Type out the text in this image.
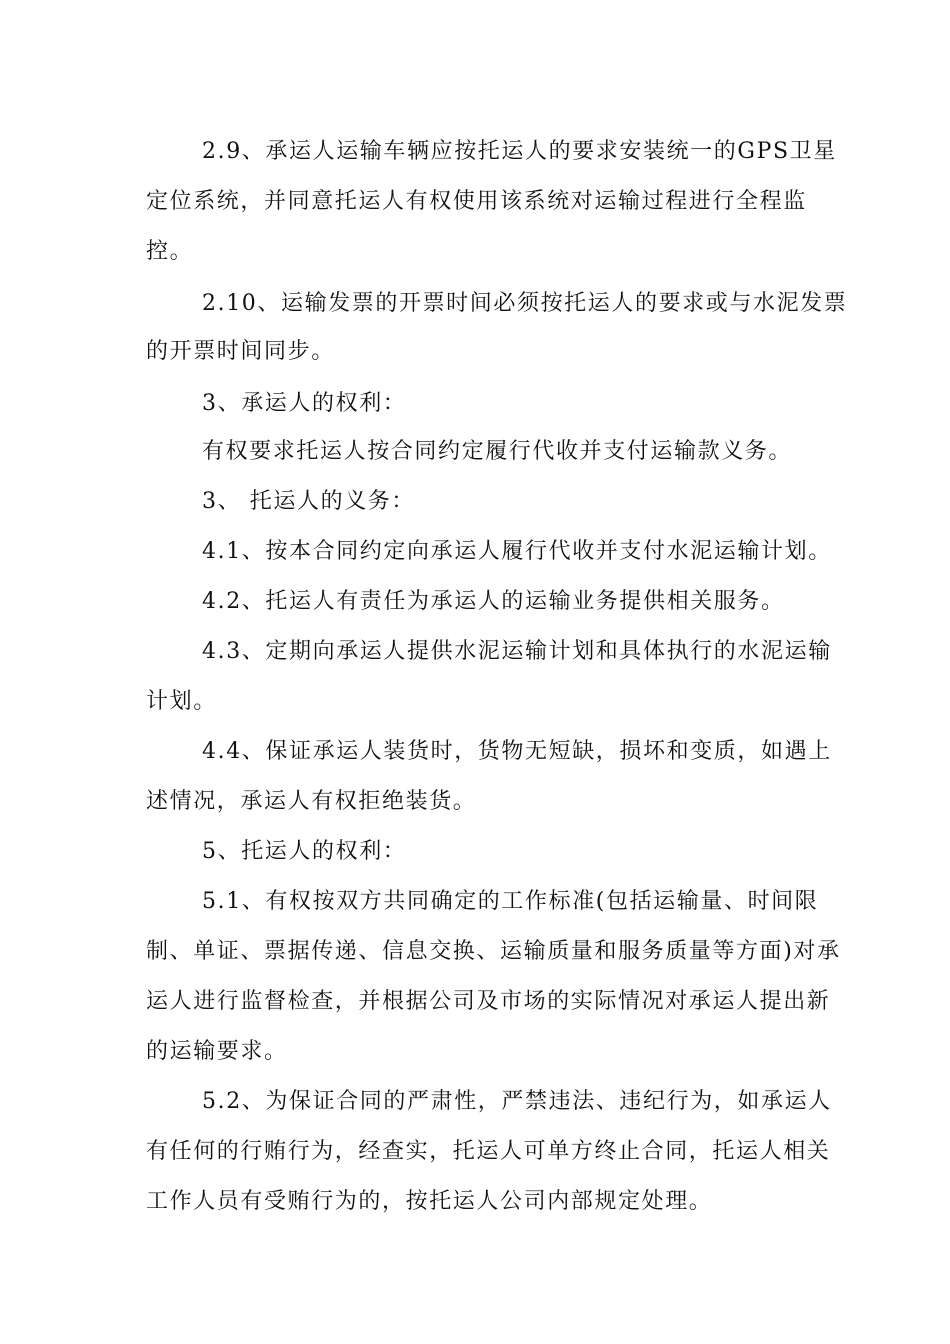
2.9、承运人运输车辆应按托运人的要求安装统一的GPS卫星
定位系统，并同意托运人有权使用该系统对运输过程进行全程监
控。
2.10、运输发票的开票时间必须按托运人的要求或与水泥发票
的开票时间同步。
3、承运人的权利：
有权要求托运人按合同约定履行代收并支付运输款义务。
3、 托运人的义务：
4.1、按本合同约定向承运人履行代收并支付水泥运输计划。
4.2、托运人有责任为承运人的运输业务提供相关服务。
4.3、定期向承运人提供水泥运输计划和具体执行的水泥运输
计划。
4.4、保证承运人装货时，货物无短缺，损坏和变质，如遇上
述情况，承运人有权拒绝装货。
5、托运人的权利：
5.1、有权按双方共同确定的工作标准(包括运输量、时间限
制、单证、票据传递、信息交换、运输质量和服务质量等方面)对承
运人进行监督检查，并根据公司及市场的实际情况对承运人提出新
的运输要求。
5.2、为保证合同的严肃性，严禁违法、违纪行为，如承运人
有任何的行贿行为，经查实，托运人可单方终止合同，托运人相关
工作人员有受贿行为的，按托运人公司内部规定处理。
